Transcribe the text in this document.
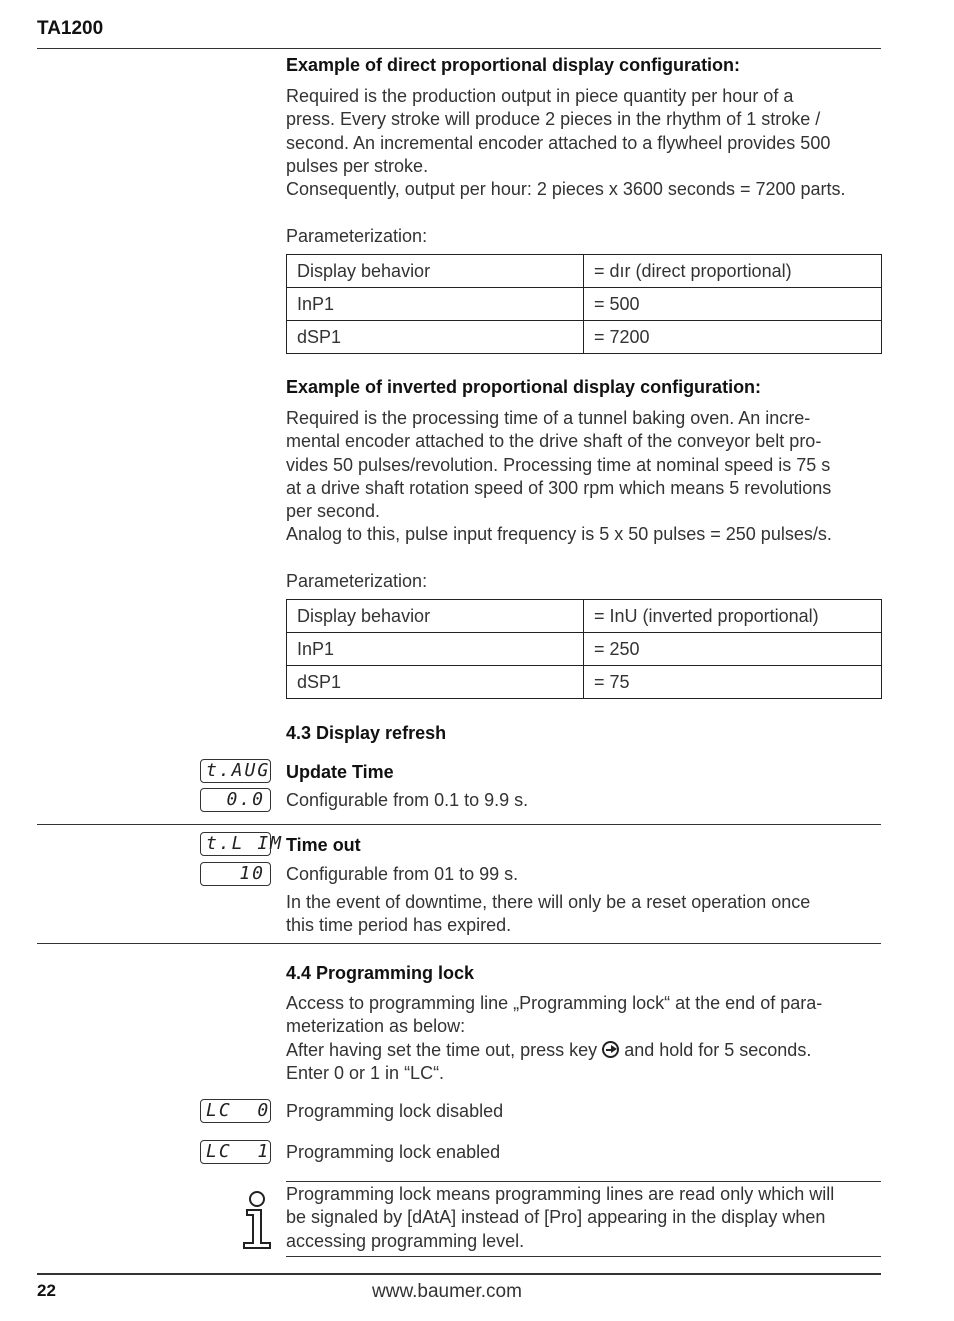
TA1200
Example of direct proportional display configuration:
Required is the production output in piece quantity per hour of a
press. Every stroke will produce 2 pieces in the rhythm of 1 stroke /
second. An incremental encoder attached to a flywheel provides 500
pulses per stroke.
Consequently, output per hour: 2 pieces x 3600 seconds = 7200 parts.
Parameterization:
Display behavior	= dır (direct proportional)
InP1	= 500
dSP1	= 7200
Example of inverted proportional display configuration:
Required is the processing time of a tunnel baking oven. An incre-
mental encoder attached to the drive shaft of the conveyor belt pro-
vides 50 pulses/revolution. Processing time at nominal speed is 75 s
at a drive shaft rotation speed of 300 rpm which means 5 revolutions
per second.
Analog to this, pulse input frequency is 5 x 50 pulses = 250 pulses/s.
Parameterization:
Display behavior	= InU (inverted proportional)
InP1	= 250
dSP1	= 75
4.3 Display refresh
t.AUG
0.0
Update Time
Configurable from 0.1 to 9.9 s.
t.L IM
10
Time out
Configurable from 01 to 99 s.
In the event of downtime, there will only be a reset operation once
this time period has expired.
4.4 Programming lock
Access to programming line „Programming lock“ at the end of para-
meterization as below:
After having set the time out, press key and hold for 5 seconds.
Enter 0 or 1 in “LC“.
LC  0 Programming lock disabled
LC  1 Programming lock enabled
Programming lock means programming lines are read only which will
be signaled by [dAtA] instead of [Pro] appearing in the display when
accessing programming level.
22	www.baumer.com
